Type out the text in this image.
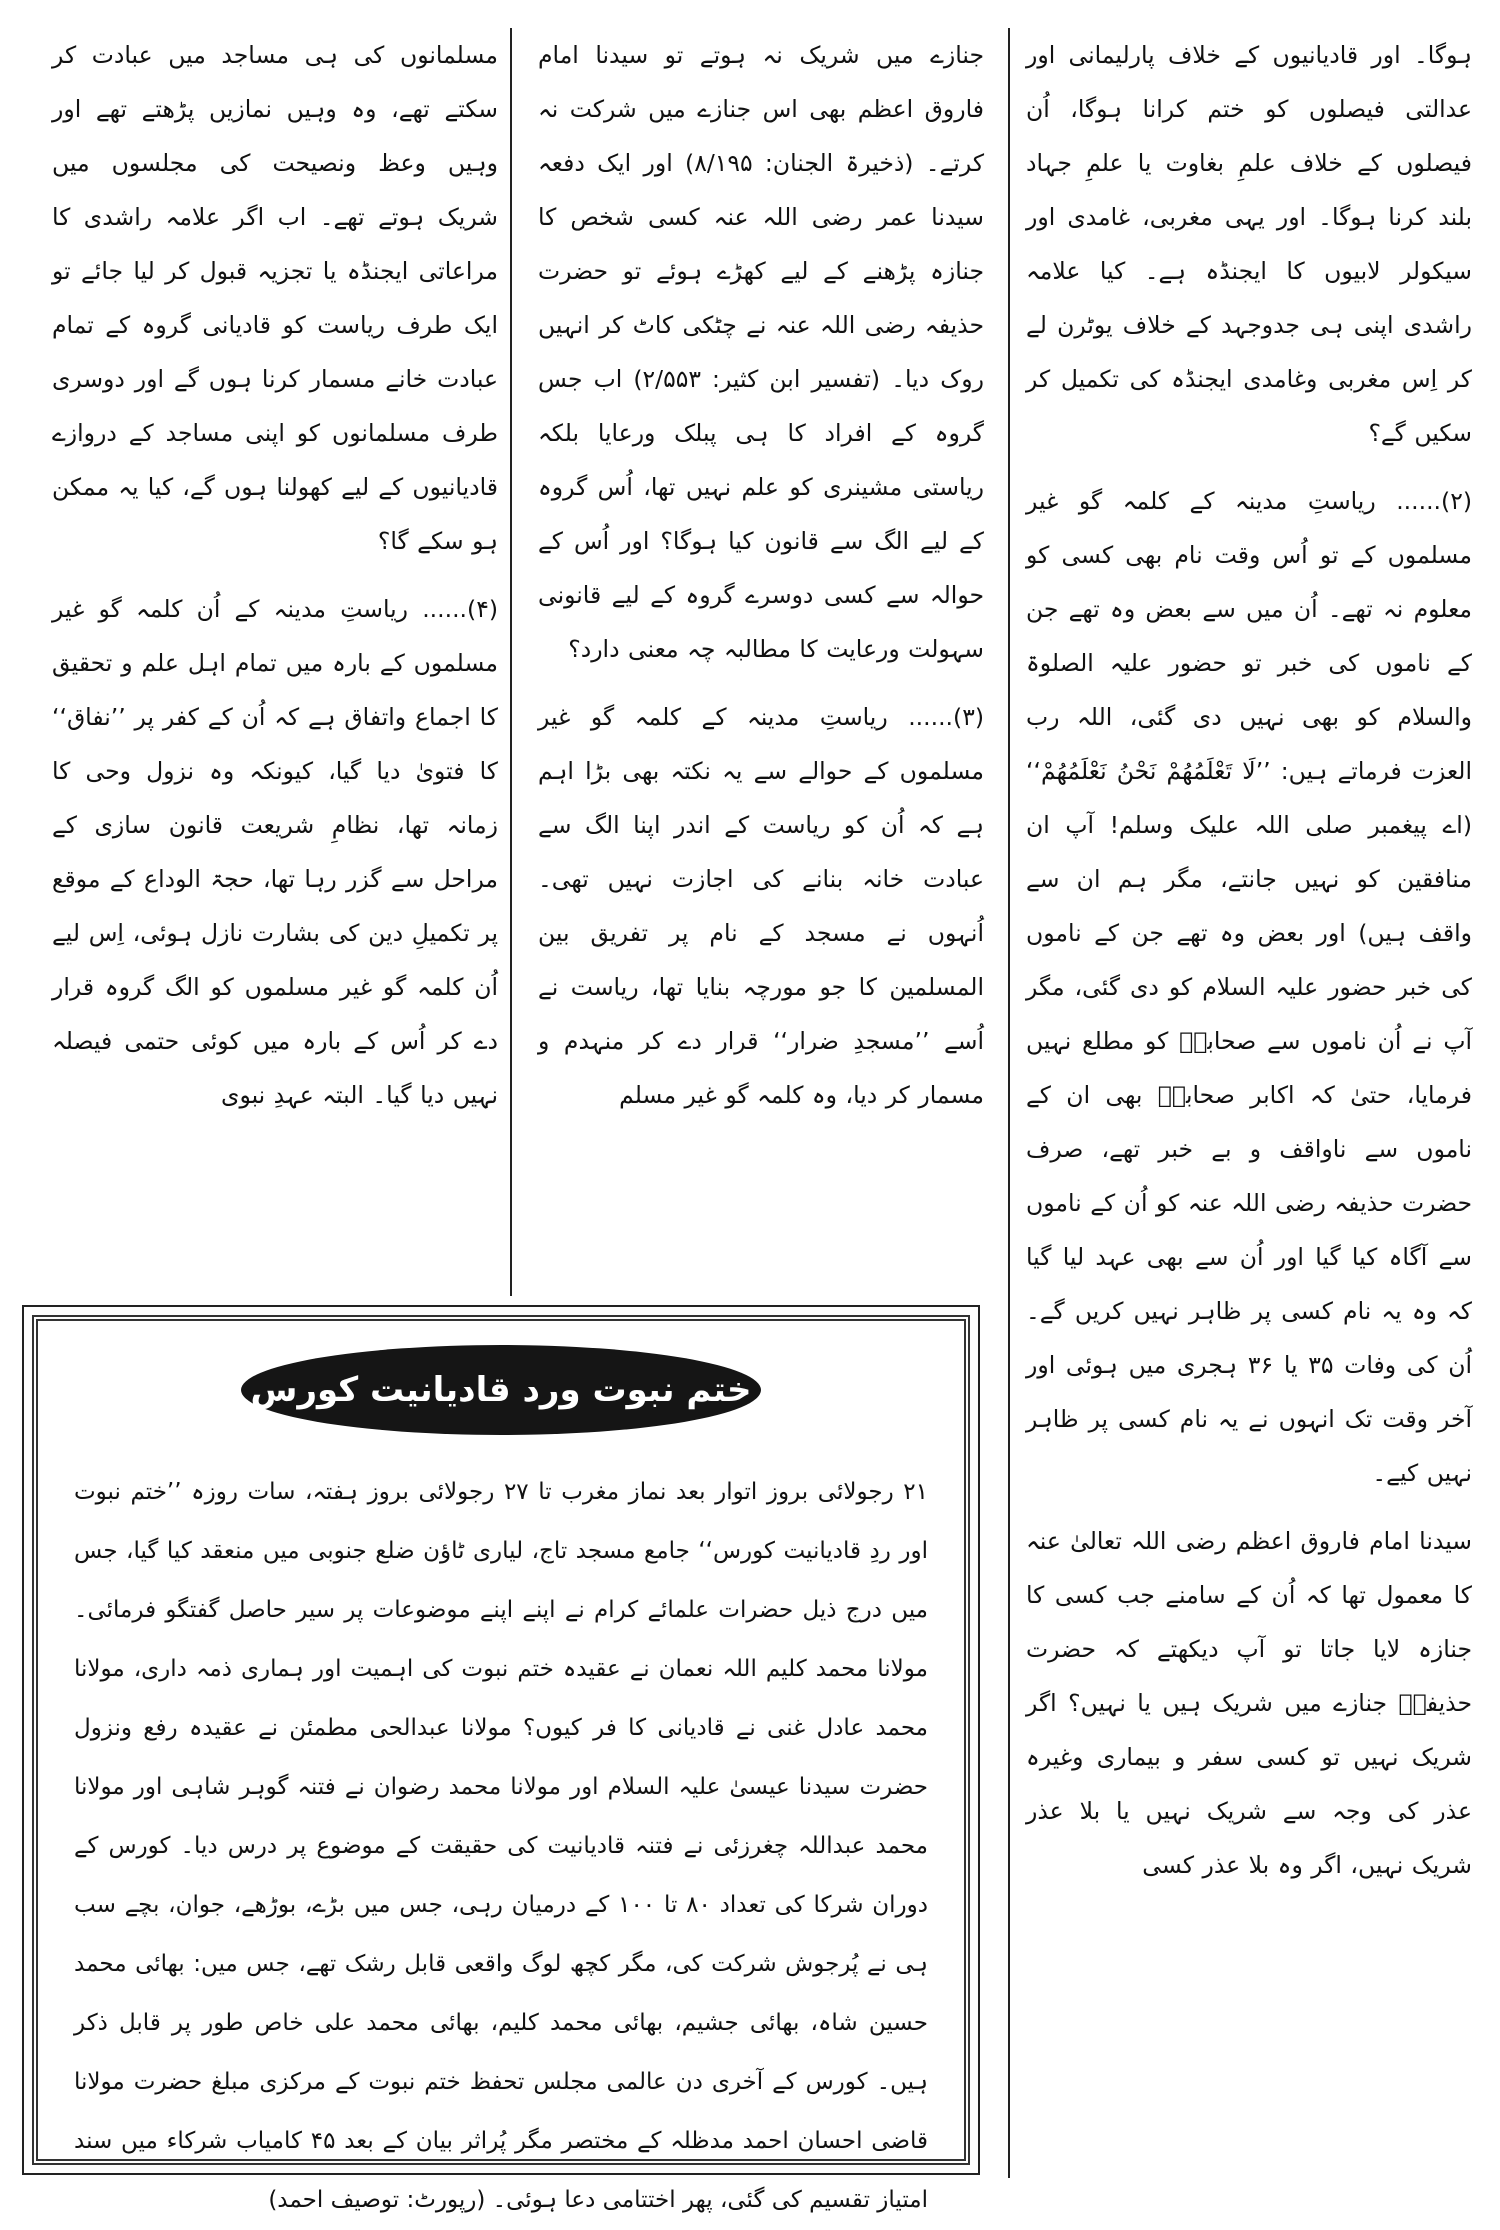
ہوگا۔ اور قادیانیوں کے خلاف پارلیمانی اور عدالتی فیصلوں کو ختم کرانا ہوگا، اُن فیصلوں کے خلاف علمِ بغاوت یا علمِ جہاد بلند کرنا ہوگا۔ اور یہی مغربی، غامدی اور سیکولر لابیوں کا ایجنڈہ ہے۔ کیا علامہ راشدی اپنی ہی جدوجہد کے خلاف یوٹرن لے کر اِس مغربی وغامدی ایجنڈہ کی تکمیل کر سکیں گے؟

(۲)...... ریاستِ مدینہ کے کلمہ گو غیر مسلموں کے تو اُس وقت نام بھی کسی کو معلوم نہ تھے۔ اُن میں سے بعض وہ تھے جن کے ناموں کی خبر تو حضور علیہ الصلوۃ والسلام کو بھی نہیں دی گئی، اللہ رب العزت فرماتے ہیں: ’’لَا تَعْلَمُهُمْ نَحْنُ نَعْلَمُهُمْ‘‘ (اے پیغمبر صلی اللہ علیک وسلم! آپ ان منافقین کو نہیں جانتے، مگر ہم ان سے واقف ہیں) اور بعض وہ تھے جن کے ناموں کی خبر حضور علیہ السلام کو دی گئی، مگر آپ نے اُن ناموں سے صحابہؓ کو مطلع نہیں فرمایا، حتیٰ کہ اکابر صحابہؓ بھی ان کے ناموں سے ناواقف و بے خبر تھے، صرف حضرت حذیفہ رضی اللہ عنہ کو اُن کے ناموں سے آگاہ کیا گیا اور اُن سے بھی عہد لیا گیا کہ وہ یہ نام کسی پر ظاہر نہیں کریں گے۔ اُن کی وفات ۳۵ یا ۳۶ ہجری میں ہوئی اور آخر وقت تک انہوں نے یہ نام کسی پر ظاہر نہیں کیے۔

سیدنا امام فاروق اعظم رضی اللہ تعالیٰ عنہ کا معمول تھا کہ اُن کے سامنے جب کسی کا جنازہ لایا جاتا تو آپ دیکھتے کہ حضرت حذیفہؓ جنازے میں شریک ہیں یا نہیں؟ اگر شریک نہیں تو کسی سفر و بیماری وغیرہ عذر کی وجہ سے شریک نہیں یا بلا عذر شریک نہیں، اگر وہ بلا عذر کسی

جنازے میں شریک نہ ہوتے تو سیدنا امام فاروق اعظم بھی اس جنازے میں شرکت نہ کرتے۔ (ذخیرۃ الجنان: ۸/۱۹۵) اور ایک دفعہ سیدنا عمر رضی اللہ عنہ کسی شخص کا جنازہ پڑھنے کے لیے کھڑے ہوئے تو حضرت حذیفہ رضی اللہ عنہ نے چٹکی کاٹ کر انہیں روک دیا۔ (تفسیر ابن کثیر: ۲/۵۵۳) اب جس گروہ کے افراد کا ہی پبلک ورعایا بلکہ ریاستی مشینری کو علم نہیں تھا، اُس گروہ کے لیے الگ سے قانون کیا ہوگا؟ اور اُس کے حوالہ سے کسی دوسرے گروہ کے لیے قانونی سہولت ورعایت کا مطالبہ چہ معنی دارد؟

(۳)...... ریاستِ مدینہ کے کلمہ گو غیر مسلموں کے حوالے سے یہ نکتہ بھی بڑا اہم ہے کہ اُن کو ریاست کے اندر اپنا الگ سے عبادت خانہ بنانے کی اجازت نہیں تھی۔ اُنہوں نے مسجد کے نام پر تفریق بین المسلمین کا جو مورچہ بنایا تھا، ریاست نے اُسے ’’مسجدِ ضرار‘‘ قرار دے کر منہدم و مسمار کر دیا، وہ کلمہ گو غیر مسلم

مسلمانوں کی ہی مساجد میں عبادت کر سکتے تھے، وہ وہیں نمازیں پڑھتے تھے اور وہیں وعظ ونصیحت کی مجلسوں میں شریک ہوتے تھے۔ اب اگر علامہ راشدی کا مراعاتی ایجنڈہ یا تجزیہ قبول کر لیا جائے تو ایک طرف ریاست کو قادیانی گروہ کے تمام عبادت خانے مسمار کرنا ہوں گے اور دوسری طرف مسلمانوں کو اپنی مساجد کے دروازے قادیانیوں کے لیے کھولنا ہوں گے، کیا یہ ممکن ہو سکے گا؟

(۴)...... ریاستِ مدینہ کے اُن کلمہ گو غیر مسلموں کے بارہ میں تمام اہل علم و تحقیق کا اجماع واتفاق ہے کہ اُن کے کفر پر ’’نفاق‘‘ کا فتویٰ دیا گیا، کیونکہ وہ نزول وحی کا زمانہ تھا، نظامِ شریعت قانون سازی کے مراحل سے گزر رہا تھا، حجۃ الوداع کے موقع پر تکمیلِ دین کی بشارت نازل ہوئی، اِس لیے اُن کلمہ گو غیر مسلموں کو الگ گروہ قرار دے کر اُس کے بارہ میں کوئی حتمی فیصلہ نہیں دیا گیا۔ البتہ عہدِ نبوی

ختم نبوت ورد قادیانیت کورس
۲۱ رجولائی بروز اتوار بعد نماز مغرب تا ۲۷ رجولائی بروز ہفتہ، سات روزہ ’’ختم نبوت اور ردِ قادیانیت کورس‘‘ جامع مسجد تاج، لیاری ٹاؤن ضلع جنوبی میں منعقد کیا گیا، جس میں درج ذیل حضرات علمائے کرام نے اپنے اپنے موضوعات پر سیر حاصل گفتگو فرمائی۔ مولانا محمد کلیم اللہ نعمان نے عقیدہ ختم نبوت کی اہمیت اور ہماری ذمہ داری، مولانا محمد عادل غنی نے قادیانی کا فر کیوں؟ مولانا عبدالحی مطمئن نے عقیدہ رفع ونزول حضرت سیدنا عیسیٰ علیہ السلام اور مولانا محمد رضوان نے فتنہ گوہر شاہی اور مولانا محمد عبداللہ چغرزئی نے فتنہ قادیانیت کی حقیقت کے موضوع پر درس دیا۔ کورس کے دوران شرکا کی تعداد ۸۰ تا ۱۰۰ کے درمیان رہی، جس میں بڑے، بوڑھے، جوان، بچے سب ہی نے پُرجوش شرکت کی، مگر کچھ لوگ واقعی قابل رشک تھے، جس میں: بھائی محمد حسین شاہ، بھائی جشیم، بھائی محمد کلیم، بھائی محمد علی خاص طور پر قابل ذکر ہیں۔ کورس کے آخری دن عالمی مجلس تحفظ ختم نبوت کے مرکزی مبلغ حضرت مولانا قاضی احسان احمد مدظلہ کے مختصر مگر پُراثر بیان کے بعد ۴۵ کامیاب شرکاء میں سند امتیاز تقسیم کی گئی، پھر اختتامی دعا ہوئی۔ (رپورٹ: توصیف احمد)
